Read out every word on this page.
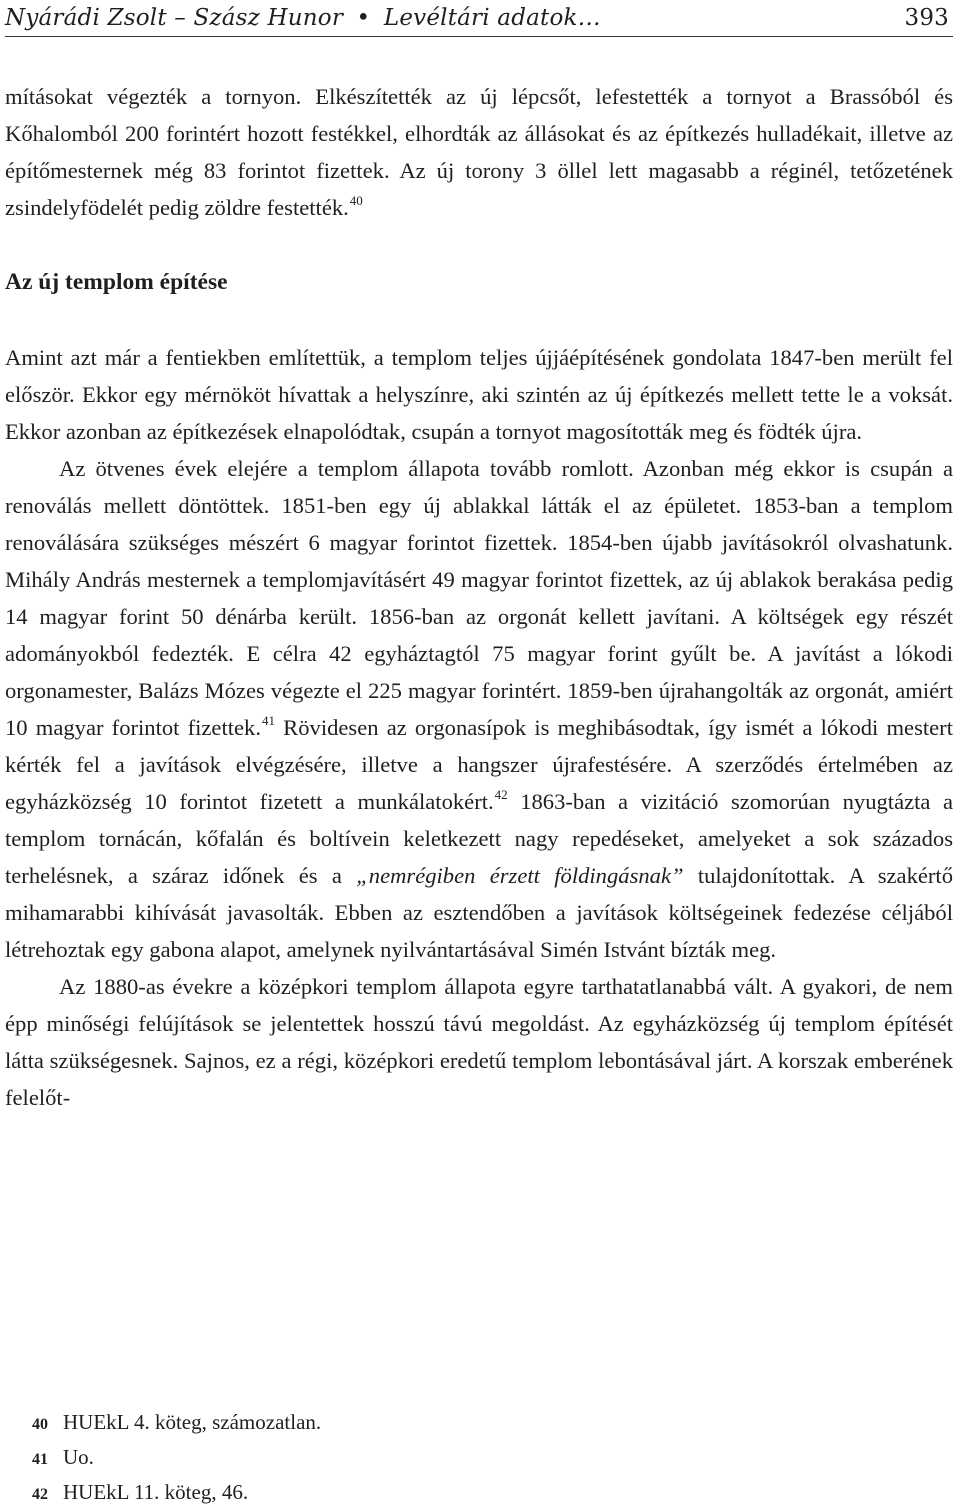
Nyárádi Zsolt – Szász Hunor • Levéltári adatok…	393

mításokat végezték a tornyon. Elkészítették az új lépcsőt, lefestették a tornyot a Brassóból és Kőhalomból 200 forintért hozott festékkel, elhordták az állásokat és az építkezés hulladékait, illetve az építőmesternek még 83 forintot fizettek. Az új torony 3 öllel lett magasabb a réginél, tetőzetének zsindelyfödelét pedig zöldre festették.$^{40}$

Az új templom építése

Amint azt már a fentiekben említettük, a templom teljes újjáépítésének gondolata 1847-ben merült fel először. Ekkor egy mérnököt hívattak a helyszínre, aki szintén az új építkezés mellett tette le a voksát. Ekkor azonban az építkezések elnapolódtak, csupán a tornyot magosították meg és födték újra.

Az ötvenes évek elejére a templom állapota tovább romlott. Azonban még ekkor is csupán a renoválás mellett döntöttek. 1851-ben egy új ablakkal látták el az épületet. 1853-ban a templom renoválására szükséges mészért 6 magyar forintot fizettek. 1854-ben újabb javításokról olvashatunk. Mihály András mesternek a templomjavításért 49 magyar forintot fizettek, az új ablakok berakása pedig 14 magyar forint 50 dénárba került. 1856-ban az orgonát kellett javítani. A költségek egy részét adományokból fedezték. E célra 42 egyháztagtól 75 magyar forint gyűlt be. A javítást a lókodi orgonamester, Balázs Mózes végezte el 225 magyar forintért. 1859-ben újrahangolták az orgonát, amiért 10 magyar forintot fizettek.$^{41}$ Rövidesen az orgonasípok is meghibásodtak, így ismét a lókodi mestert kérték fel a javítások elvégzésére, illetve a hangszer újrafestésére. A szerződés értelmében az egyházközség 10 forintot fizetett a munkálatokért.$^{42}$ 1863-ban a vizitáció szomorúan nyugtázta a templom tornácán, kőfalán és boltívein keletkezett nagy repedéseket, amelyeket a sok százados terhelésnek, a száraz időnek és a „nemrégiben érzett földingásnak” tulajdonítottak. A szakértő mihamarabbi kihívását javasolták. Ebben az esztendőben a javítások költségeinek fedezése céljából létrehoztak egy gabona alapot, amelynek nyilvántartásával Simén Istvánt bízták meg.

Az 1880-as évekre a középkori templom állapota egyre tarthatatlanabbá vált. A gyakori, de nem épp minőségi felújítások se jelentettek hosszú távú megoldást. Az egyházközség új templom építését látta szükségesnek. Sajnos, ez a régi, középkori eredetű templom lebontásával járt. A korszak emberének felelőt-

40 HUEkL 4. köteg, számozatlan.
41 Uo.
42 HUEkL 11. köteg, 46.
